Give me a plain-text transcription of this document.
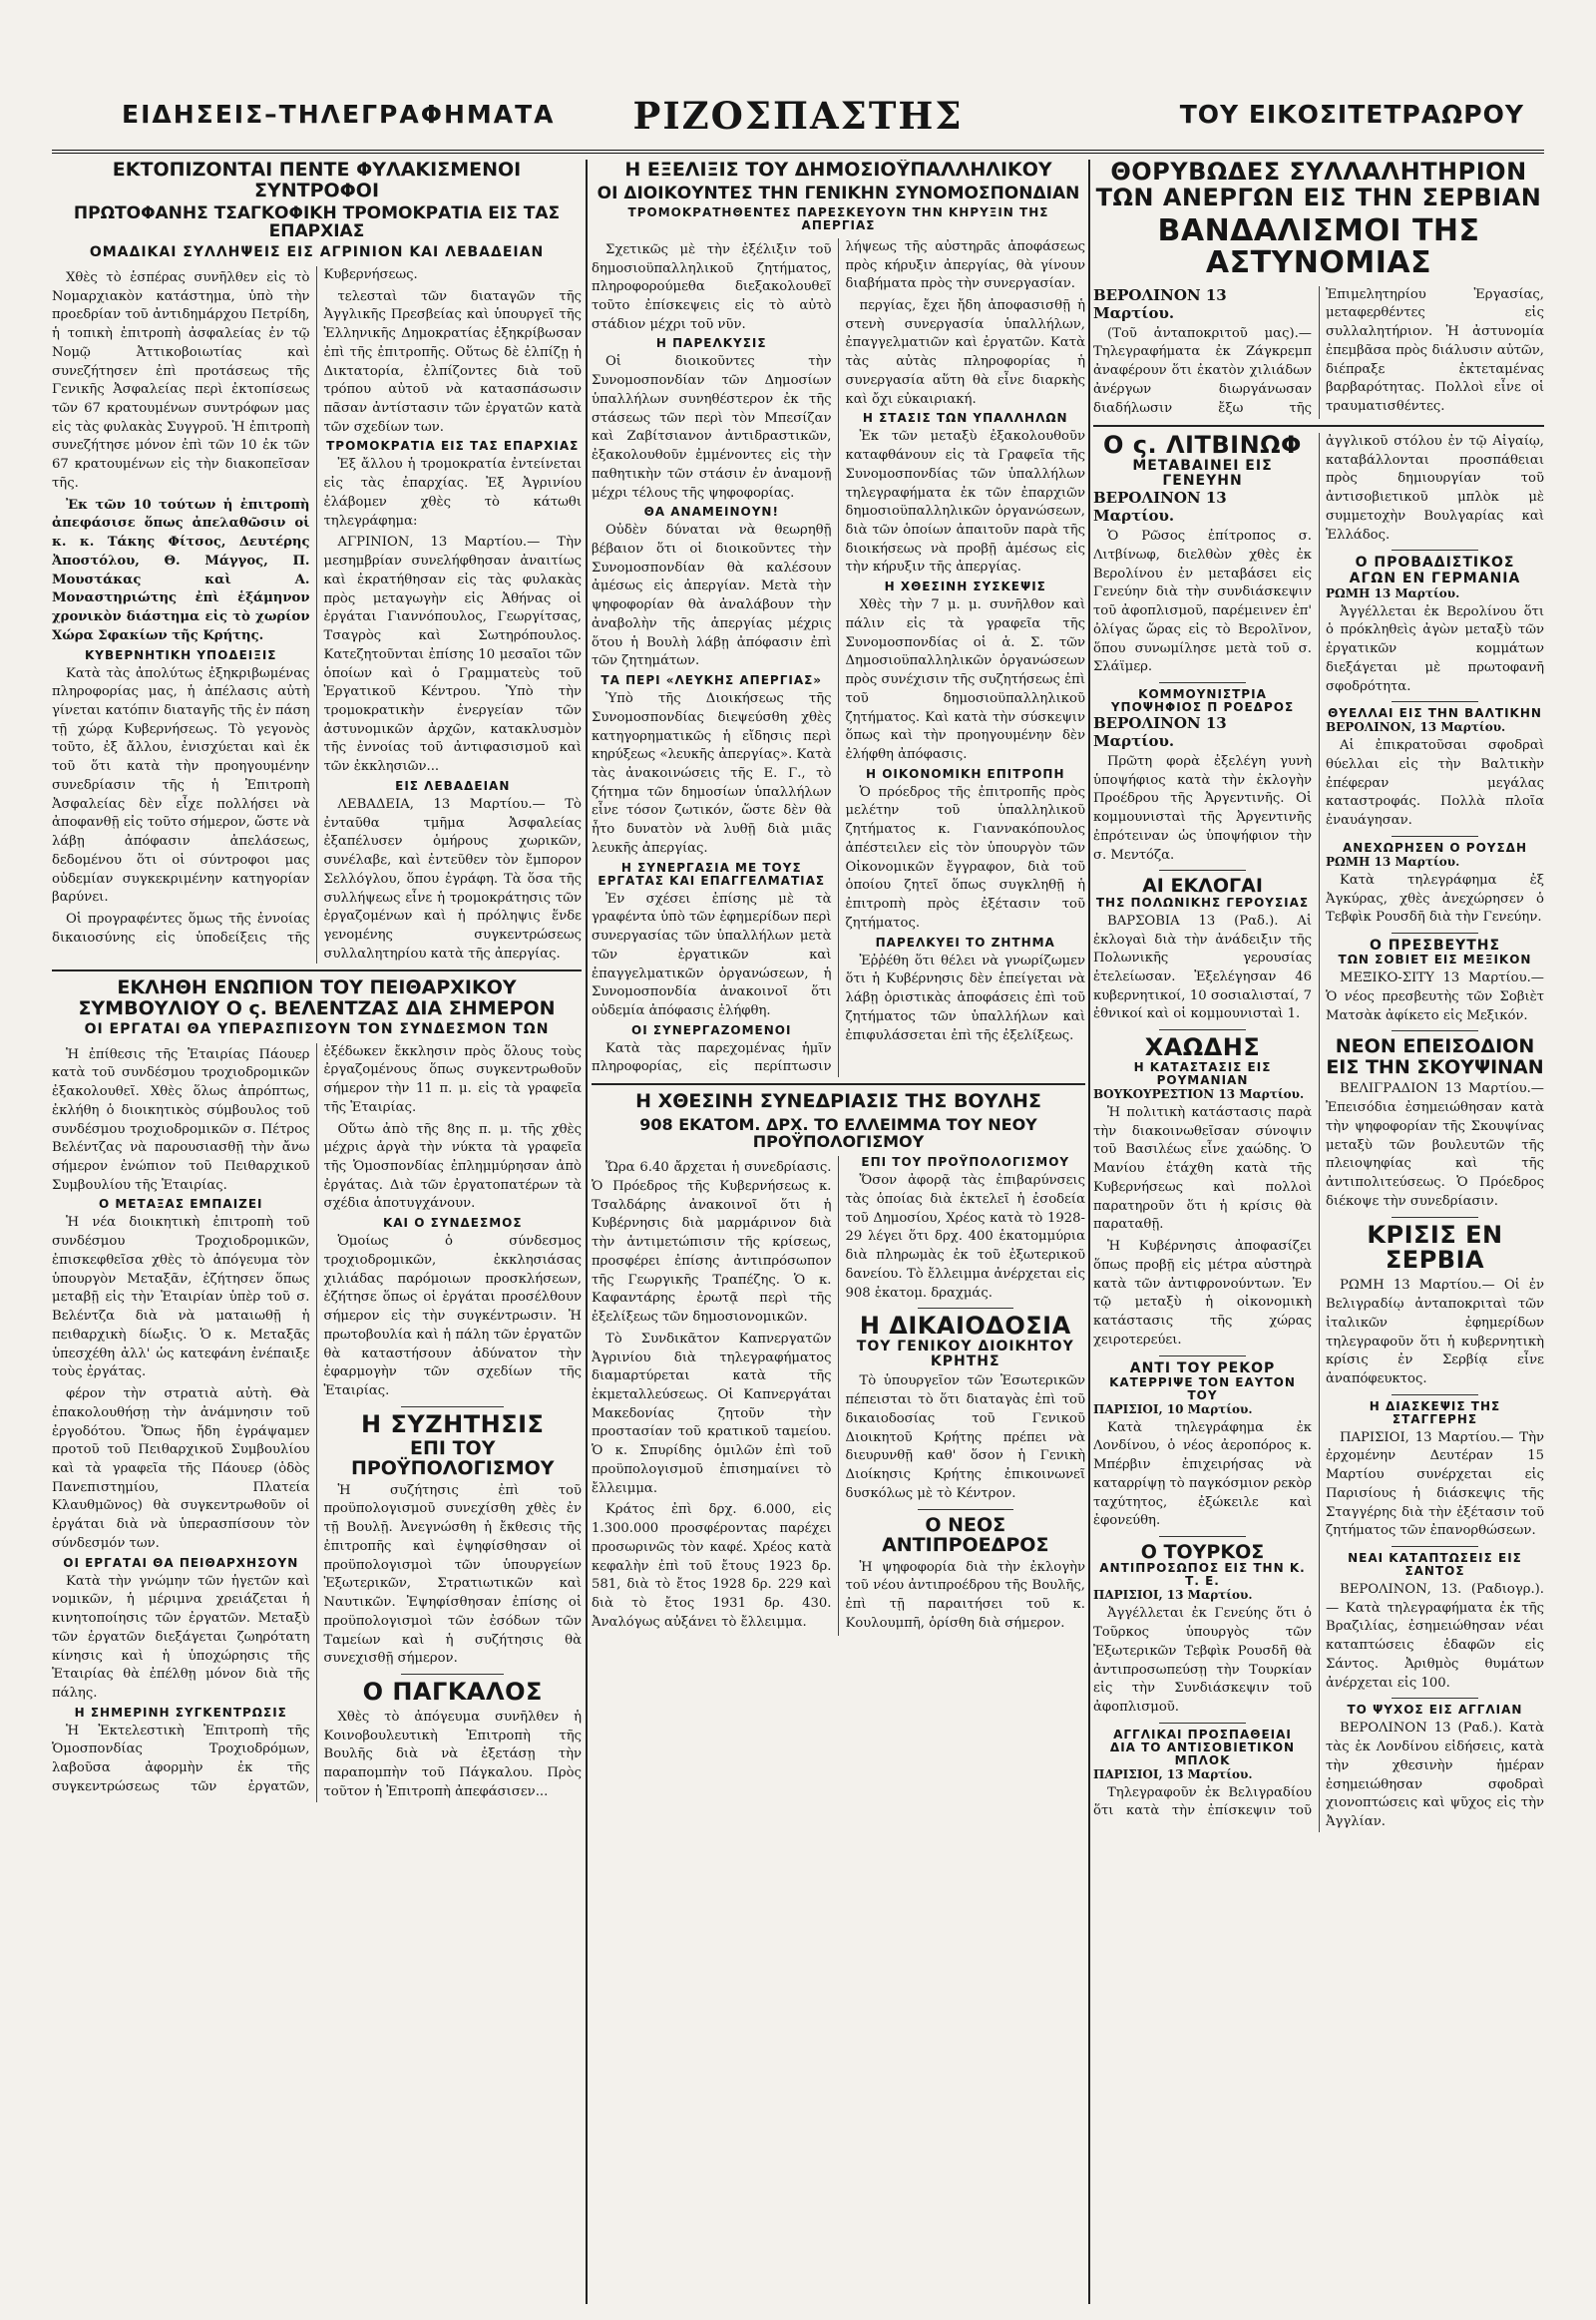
ΕΙΔΗΣΕΙΣ–ΤΗΛΕΓΡΑΦΗΜΑΤΑ	ΡΙΖΟΣΠΑΣΤΗΣ	ΤΟΥ ΕΙΚΟΣΙΤΕΤΡΑΩΡΟΥ
ΕΚΤΟΠΙΖΟΝΤΑΙ ΠΕΝΤΕ ΦΥΛΑΚΙΣΜΕΝΟΙ ΣΥΝΤΡΟΦΟΙ
ΠΡΩΤΟΦΑΝΗΣ ΤΣΑΓΚΟΦΙΚΗ ΤΡΟΜΟΚΡΑΤΙΑ ΕΙΣ ΤΑΣ ΕΠΑΡΧΙΑΣ
ΟΜΑΔΙΚΑΙ ΣΥΛΛΗΨΕΙΣ ΕΙΣ ΑΓΡΙΝΙΟΝ ΚΑΙ ΛΕΒΑΔΕΙΑΝ

Χθὲς τὸ ἑσπέρας συνῆλθεν εἰς τὸ Νομαρχιακὸν κατάστημα, ὑπὸ τὴν προεδρίαν τοῦ ἀντιδημάρχου Πετρίδη, ἡ τοπικὴ ἐπιτροπὴ ἀσφαλείας ἐν τῷ Νομῷ Ἀττικοβοιωτίας καὶ συνεζήτησεν ἐπὶ προτάσεως τῆς Γενικῆς Ἀσφαλείας περὶ ἐκτοπίσεως τῶν 67 κρατουμένων συντρόφων μας εἰς τὰς φυλακὰς Συγγροῦ. Ἡ ἐπιτροπὴ συνεζήτησε μόνον ἐπὶ τῶν 10 ἐκ τῶν 67 κρατουμένων εἰς τὴν διακοπεῖσαν τῆς.

Ἐκ τῶν 10 τούτων ἡ ἐπιτροπὴ ἀπεφάσισε ὅπως ἀπελαθῶσιν οἱ κ. κ. Τάκης Φίτσος, Δευτέρης Ἀποστόλου, Θ. Μάγγος, Π. Μουστάκας καὶ Α. Μοναστηριώτης ἐπὶ ἑξάμηνον χρονικὸν διάστημα εἰς τὸ χωρίον Χώρα Σφακίων τῆς Κρήτης.

ΚΥΒΕΡΝΗΤΙΚΗ ΥΠΟΔΕΙΞΙΣ

Κατὰ τὰς ἀπολύτως ἐξηκριβωμένας πληροφορίας μας, ἡ ἀπέλασις αὐτὴ γίνεται κατόπιν διαταγῆς τῆς ἐν πάση τῇ χώρᾳ Κυβερνήσεως. Τὸ γεγονὸς τοῦτο, ἐξ ἄλλου, ἐνισχύεται καὶ ἐκ τοῦ ὅτι κατὰ τὴν προηγουμένην συνεδρίασιν τῆς ἡ Ἐπιτροπὴ Ἀσφαλείας δὲν εἶχε πολλήσει νὰ ἀποφανθῇ εἰς τοῦτο σήμερον, ὥστε νὰ λάβῃ ἀπόφασιν ἀπελάσεως, δεδομένου ὅτι οἱ σύντροφοι μας οὐδεμίαν συγκεκριμένην κατηγορίαν βαρύνει.

Οἱ προγραφέντες ὅμως τῆς ἐννοίας δικαιοσύνης εἰς ὑποδείξεις τῆς Κυβερνήσεως.

τελεσταὶ τῶν διαταγῶν τῆς Ἀγγλικῆς Πρεσβείας καὶ ὑπουργεῖ τῆς Ἑλληνικῆς Δημοκρατίας ἐξηκρίβωσαν ἐπὶ τῆς ἐπιτροπῆς. Οὕτως δὲ ἐλπίζῃ ἡ Δικτατορία, ἐλπίζοντες διὰ τοῦ τρόπου αὐτοῦ νὰ κατασπάσωσιν πᾶσαν ἀντίστασιν τῶν ἐργατῶν κατὰ τῶν σχεδίων των.

ΤΡΟΜΟΚΡΑΤΙΑ ΕΙΣ ΤΑΣ ΕΠΑΡΧΙΑΣ

Ἐξ ἄλλου ἡ τρομοκρατία ἐντείνεται εἰς τὰς ἐπαρχίας. Ἐξ Ἀγρινίου ἐλάβομεν χθὲς τὸ κάτωθι τηλεγράφημα:

ΑΓΡΙΝΙΟΝ, 13 Μαρτίου.— Τὴν μεσημβρίαν συνελήφθησαν ἀναιτίως καὶ ἐκρατήθησαν εἰς τὰς φυλακὰς πρὸς μεταγωγὴν εἰς Ἀθήνας οἱ ἐργάται Γιαννόπουλος, Γεωργίτσας, Τσαγρὸς καὶ Σωτηρόπουλος. Κατεζητοῦνται ἐπίσης 10 μεσαῖοι τῶν ὁποίων καὶ ὁ Γραμματεὺς τοῦ Ἐργατικοῦ Κέντρου. Ὑπὸ τὴν τρομοκρατικὴν ἐνεργείαν τῶν ἀστυνομικῶν ἀρχῶν, κατακλυσμὸν τῆς ἐννοίας τοῦ ἀντιφασισμοῦ καὶ τῶν ἐκκλησιῶν...

ΕΙΣ ΛΕΒΑΔΕΙΑΝ

ΛΕΒΑΔΕΙΑ, 13 Μαρτίου.— Τὸ ἐνταῦθα τμῆμα Ἀσφαλείας ἐξαπέλυσεν ὁμήρους χωρικῶν, συνέλαβε, καὶ ἐντεῦθεν τὸν ἔμπορον Σελλόγλου, ὅπου ἐγράφη. Τὰ ὅσα τῆς συλλήψεως εἶνε ἡ τρομοκράτησις τῶν ἐργαζομένων καὶ ἡ πρόληψις ἕνδε γενομένης συγκεντρώσεως συλλαλητηρίου κατὰ τῆς ἀπεργίας.

ΕΚΛΗΘΗ ΕΝΩΠΙΟΝ ΤΟΥ ΠΕΙΘΑΡΧΙΚΟΥ
ΣΥΜΒΟΥΛΙΟΥ Ο ς. ΒΕΛΕΝΤΖΑΣ ΔΙΑ ΣΗΜΕΡΟΝ
ΟΙ ΕΡΓΑΤΑΙ ΘΑ ΥΠΕΡΑΣΠΙΣΟΥΝ ΤΟΝ ΣΥΝΔΕΣΜΟΝ ΤΩΝ

Ἡ ἐπίθεσις τῆς Ἑταιρίας Πάουερ κατὰ τοῦ συνδέσμου τροχιοδρομικῶν ἐξακολουθεῖ. Χθὲς ὅλως ἀπρόπτως, ἐκλήθη ὁ διοικητικὸς σύμβουλος τοῦ συνδέσμου τροχιοδρομικῶν σ. Πέτρος Βελέντζας νὰ παρουσιασθῇ τὴν ἄνω σήμερον ἐνώπιον τοῦ Πειθαρχικοῦ Συμβουλίου τῆς Ἑταιρίας.

Ο ΜΕΤΑΞΑΣ ΕΜΠΑΙΖΕΙ

Ἡ νέα διοικητικὴ ἐπιτροπὴ τοῦ συνδέσμου Τροχιοδρομικῶν, ἐπισκεφθεῖσα χθὲς τὸ ἀπόγευμα τὸν ὑπουργὸν Μεταξᾶν, ἐζήτησεν ὅπως μεταβῇ εἰς τὴν Ἑταιρίαν ὑπὲρ τοῦ σ. Βελέντζα διὰ νὰ ματαιωθῇ ἡ πειθαρχικὴ δίωξις. Ὁ κ. Μεταξᾶς ὑπεσχέθη ἀλλ' ὡς κατεφάνη ἐνέπαιξε τοὺς ἐργάτας.

φέρον τὴν στρατιὰ αὐτὴ. Θὰ ἐπακολουθήσῃ τὴν ἀνάμνησιν τοῦ ἐργοδότου. Ὅπως ἤδη ἐγράψαμεν προτοῦ τοῦ Πειθαρχικοῦ Συμβουλίου καὶ τὰ γραφεῖα τῆς Πάουερ (ὁδὸς Πανεπιστημίου, Πλατεία Κλαυθμῶνος) θὰ συγκεντρωθοῦν οἱ ἐργάται διὰ νὰ ὑπερασπίσουν τὸν σύνδεσμόν των.

ΟΙ ΕΡΓΑΤΑΙ ΘΑ ΠΕΙΘΑΡΧΗΣΟΥΝ

Κατὰ τὴν γνώμην τῶν ἡγετῶν καὶ νομικῶν, ἡ μέριμνα χρειάζεται ἡ κινητοποίησις τῶν ἐργατῶν. Μεταξὺ τῶν ἐργατῶν διεξάγεται ζωηρότατη κίνησις καὶ ἡ ὑποχώρησις τῆς Ἑταιρίας θὰ ἐπέλθῃ μόνον διὰ τῆς πάλης.

Η ΣΗΜΕΡΙΝΗ ΣΥΓΚΕΝΤΡΩΣΙΣ

Ἡ Ἐκτελεστικὴ Ἐπιτροπὴ τῆς Ὁμοσπονδίας Τροχιοδρόμων, λαβοῦσα ἀφορμὴν ἐκ τῆς συγκεντρώσεως τῶν ἐργατῶν, ἐξέδωκεν ἔκκλησιν πρὸς ὅλους τοὺς ἐργαζομένους ὅπως συγκεντρωθοῦν σήμερον τὴν 11 π. μ. εἰς τὰ γραφεῖα τῆς Ἑταιρίας.

Οὕτω ἀπὸ τῆς 8ης π. μ. τῆς χθὲς μέχρις ἀργὰ τὴν νύκτα τὰ γραφεῖα τῆς Ὁμοσπονδίας ἐπλημμύρησαν ἀπὸ ἐργάτας. Διὰ τῶν ἐργατοπατέρων τὰ σχέδια ἀποτυγχάνουν.

ΚΑΙ Ο ΣΥΝΔΕΣΜΟΣ

Ὁμοίως ὁ σύνδεσμος τροχιοδρομικῶν, ἐκκλησιάσας χιλιάδας παρόμοιων προσκλήσεων, ἐζήτησε ὅπως οἱ ἐργάται προσέλθουν σήμερον εἰς τὴν συγκέντρωσιν. Ἡ πρωτοβουλία καὶ ἡ πάλη τῶν ἐργατῶν θὰ καταστήσουν ἀδύνατον τὴν ἐφαρμογὴν τῶν σχεδίων τῆς Ἑταιρίας.

Η ΣΥΖΗΤΗΣΙΣ
ΕΠΙ ΤΟΥ ΠΡΟΫΠΟΛΟΓΙΣΜΟΥ

Ἡ συζήτησις ἐπὶ τοῦ προϋπολογισμοῦ συνεχίσθη χθὲς ἐν τῇ Βουλῇ. Ἀνεγνώσθη ἡ ἔκθεσις τῆς ἐπιτροπῆς καὶ ἐψηφίσθησαν οἱ προϋπολογισμοὶ τῶν ὑπουργείων Ἐξωτερικῶν, Στρατιωτικῶν καὶ Ναυτικῶν. Ἐψηφίσθησαν ἐπίσης οἱ προϋπολογισμοὶ τῶν ἐσόδων τῶν Ταμείων καὶ ἡ συζήτησις θὰ συνεχισθῇ σήμερον.

Ο ΠΑΓΚΑΛΟΣ

Χθὲς τὸ ἀπόγευμα συνῆλθεν ἡ Κοινοβουλευτικὴ Ἐπιτροπὴ τῆς Βουλῆς διὰ νὰ ἐξετάσῃ τὴν παραπομπὴν τοῦ Πάγκαλου. Πρὸς τοῦτον ἡ Ἐπιτροπὴ ἀπεφάσισεν...

Η ΕΞΕΛΙΞΙΣ ΤΟΥ ΔΗΜΟΣΙΟΫΠΑΛΛΗΛΙΚΟΥ
ΟΙ ΔΙΟΙΚΟΥΝΤΕΣ ΤΗΝ ΓΕΝΙΚΗΝ ΣΥΝΟΜΟΣΠΟΝΔΙΑΝ
ΤΡΟΜΟΚΡΑΤΗΘΕΝΤΕΣ ΠΑΡΕΣΚΕΥΟΥΝ ΤΗΝ ΚΗΡΥΞΙΝ ΤΗΣ ΑΠΕΡΓΙΑΣ

Σχετικῶς μὲ τὴν ἐξέλιξιν τοῦ δημοσιοϋπαλληλικοῦ ζητήματος, πληροφορούμεθα διεξακολουθεῖ τοῦτο ἐπίσκεψεις εἰς τὸ αὐτὸ στάδιον μέχρι τοῦ νῦν.

Η ΠΑΡΕΛΚΥΣΙΣ

Οἱ διοικοῦντες τὴν Συνομοσπονδίαν τῶν Δημοσίων ὑπαλλήλων συνηθέστερον ἐκ τῆς στάσεως τῶν περὶ τὸν Μπεσίζαν καὶ Ζαβίτσιανον ἀντιδραστικῶν, ἐξακολουθοῦν ἐμμένοντες εἰς τὴν παθητικὴν τῶν στάσιν ἐν ἀναμονῇ μέχρι τέλους τῆς ψηφοφορίας.

ΘΑ ΑΝΑΜΕΙΝΟΥΝ!

Οὐδὲν δύναται νὰ θεωρηθῇ βέβαιον ὅτι οἱ διοικοῦντες τὴν Συνομοσπονδίαν θὰ καλέσουν ἀμέσως εἰς ἀπεργίαν. Μετὰ τὴν ψηφοφορίαν θὰ ἀναλάβουν τὴν ἀναβολὴν τῆς ἀπεργίας μέχρις ὅτου ἡ Βουλὴ λάβῃ ἀπόφασιν ἐπὶ τῶν ζητημάτων.

ΤΑ ΠΕΡΙ «ΛΕΥΚΗΣ ΑΠΕΡΓΙΑΣ»

Ὑπὸ τῆς Διοικήσεως τῆς Συνομοσπονδίας διεψεύσθη χθὲς κατηγορηματικῶς ἡ εἴδησις περὶ κηρύξεως «λευκῆς ἀπεργίας». Κατὰ τὰς ἀνακοινώσεις τῆς Ε. Γ., τὸ ζήτημα τῶν δημοσίων ὑπαλλήλων εἶνε τόσον ζωτικόν, ὥστε δὲν θὰ ἦτο δυνατὸν νὰ λυθῇ διὰ μιᾶς λευκῆς ἀπεργίας.

Η ΣΥΝΕΡΓΑΣΙΑ ΜΕ ΤΟΥΣ ΕΡΓΑΤΑΣ ΚΑΙ ΕΠΑΓΓΕΛΜΑΤΙΑΣ

Ἐν σχέσει ἐπίσης μὲ τὰ γραφέντα ὑπὸ τῶν ἐφημερίδων περὶ συνεργασίας τῶν ὑπαλλήλων μετὰ τῶν ἐργατικῶν καὶ ἐπαγγελματικῶν ὀργανώσεων, ἡ Συνομοσπονδία ἀνακοινοῖ ὅτι οὐδεμία ἀπόφασις ἐλήφθη.

ΟΙ ΣΥΝΕΡΓΑΖΟΜΕΝΟΙ

Κατὰ τὰς παρεχομένας ἡμῖν πληροφορίας, εἰς περίπτωσιν λήψεως τῆς αὐστηρᾶς ἀποφάσεως πρὸς κήρυξιν ἀπεργίας, θὰ γίνουν διαβήματα πρὸς τὴν συνεργασίαν.

περγίας, ἔχει ἤδη ἀποφασισθῇ ἡ στενὴ συνεργασία ὑπαλλήλων, ἐπαγγελματιῶν καὶ ἐργατῶν. Κατὰ τὰς αὐτὰς πληροφορίας ἡ συνεργασία αὕτη θὰ εἶνε διαρκὴς καὶ ὄχι εὐκαιριακή.

Η ΣΤΑΣΙΣ ΤΩΝ ΥΠΑΛΛΗΛΩΝ

Ἐκ τῶν μεταξὺ ἐξακολουθοῦν καταφθάνουν εἰς τὰ Γραφεῖα τῆς Συνομοσπονδίας τῶν ὑπαλλήλων τηλεγραφήματα ἐκ τῶν ἐπαρχιῶν δημοσιοϋπαλληλικῶν ὀργανώσεων, διὰ τῶν ὁποίων ἀπαιτοῦν παρὰ τῆς διοικήσεως νὰ προβῇ ἀμέσως εἰς τὴν κήρυξιν τῆς ἀπεργίας.

Η ΧΘΕΣΙΝΗ ΣΥΣΚΕΨΙΣ

Χθὲς τὴν 7 μ. μ. συνῆλθον καὶ πάλιν εἰς τὰ γραφεῖα τῆς Συνομοσπονδίας οἱ ἀ. Σ. τῶν Δημοσιοϋπαλληλικῶν ὀργανώσεων πρὸς συνέχισιν τῆς συζητήσεως ἐπὶ τοῦ δημοσιοϋπαλληλικοῦ ζητήματος. Καὶ κατὰ τὴν σύσκεψιν ὅπως καὶ τὴν προηγουμένην δὲν ἐλήφθη ἀπόφασις.

Η ΟΙΚΟΝΟΜΙΚΗ ΕΠΙΤΡΟΠΗ

Ὁ πρόεδρος τῆς ἐπιτροπῆς πρὸς μελέτην τοῦ ὑπαλληλικοῦ ζητήματος κ. Γιαννακόπουλος ἀπέστειλεν εἰς τὸν ὑπουργὸν τῶν Οἰκονομικῶν ἔγγραφον, διὰ τοῦ ὁποίου ζητεῖ ὅπως συγκληθῇ ἡ ἐπιτροπὴ πρὸς ἐξέτασιν τοῦ ζητήματος.

ΠΑΡΕΛΚΥΕΙ ΤΟ ΖΗΤΗΜΑ

Ἐῤῥέθη ὅτι θέλει νὰ γνωρίζωμεν ὅτι ἡ Κυβέρνησις δὲν ἐπείγεται νὰ λάβῃ ὁριστικὰς ἀποφάσεις ἐπὶ τοῦ ζητήματος τῶν ὑπαλλήλων καὶ ἐπιφυλάσσεται ἐπὶ τῆς ἐξελίξεως.

Η ΧΘΕΣΙΝΗ ΣΥΝΕΔΡΙΑΣΙΣ ΤΗΣ ΒΟΥΛΗΣ
908 ΕΚΑΤΟΜ. ΔΡΧ. ΤΟ ΕΛΛΕΙΜΜΑ ΤΟΥ ΝΕΟΥ ΠΡΟΫΠΟΛΟΓΙΣΜΟΥ

Ὥρα 6.40 ἄρχεται ἡ συνεδρίασις. Ὁ Πρόεδρος τῆς Κυβερνήσεως κ. Τσαλδάρης ἀνακοινοῖ ὅτι ἡ Κυβέρνησις διὰ μαρμάρινον διὰ τὴν ἀντιμετώπισιν τῆς κρίσεως, προσφέρει ἐπίσης ἀντιπρόσωπον τῆς Γεωργικῆς Τραπέζης. Ὁ κ. Καφαντάρης ἐρωτᾷ περὶ τῆς ἐξελίξεως τῶν δημοσιονομικῶν.

Τὸ Συνδικᾶτον Καπνεργατῶν Ἀγρινίου διὰ τηλεγραφήματος διαμαρτύρεται κατὰ τῆς ἐκμεταλλεύσεως. Οἱ Καπνεργάται Μακεδονίας ζητοῦν τὴν προστασίαν τοῦ κρατικοῦ ταμείου. Ὁ κ. Σπυρίδης ὁμιλῶν ἐπὶ τοῦ προϋπολογισμοῦ ἐπισημαίνει τὸ ἔλλειμμα.

Κράτος ἐπὶ δρχ. 6.000, εἰς 1.300.000 προσφέροντας παρέχει προσωρινῶς τὸν καφέ. Χρέος κατὰ κεφαλὴν ἐπὶ τοῦ ἔτους 1923 δρ. 581, διὰ τὸ ἔτος 1928 δρ. 229 καὶ διὰ τὸ ἔτος 1931 δρ. 430. Ἀναλόγως αὐξάνει τὸ ἔλλειμμα.

ΕΠΙ ΤΟΥ ΠΡΟΫΠΟΛΟΓΙΣΜΟΥ

Ὅσον ἀφορᾷ τὰς ἐπιβαρύνσεις τὰς ὁποίας διὰ ἐκτελεῖ ἡ ἐσοδεία τοῦ Δημοσίου, Χρέος κατὰ τὸ 1928-29 λέγει ὅτι δρχ. 400 ἑκατομμύρια διὰ πληρωμὰς ἐκ τοῦ ἐξωτερικοῦ δανείου. Τὸ ἔλλειμμα ἀνέρχεται εἰς 908 ἑκατομ. δραχμάς.

Η ΔΙΚΑΙΟΔΟΣΙΑ
ΤΟΥ ΓΕΝΙΚΟΥ ΔΙΟΙΚΗΤΟΥ ΚΡΗΤΗΣ

Τὸ ὑπουργεῖον τῶν Ἐσωτερικῶν πέπεισται τὸ ὅτι διαταγὰς ἐπὶ τοῦ δικαιοδοσίας τοῦ Γενικοῦ Διοικητοῦ Κρήτης πρέπει νὰ διευρυνθῇ καθ' ὅσον ἡ Γενικὴ Διοίκησις Κρήτης ἐπικοινωνεῖ δυσκόλως μὲ τὸ Κέντρον.

Ο ΝΕΟΣ ΑΝΤΙΠΡΟΕΔΡΟΣ

Ἡ ψηφοφορία διὰ τὴν ἐκλογὴν τοῦ νέου ἀντιπροέδρου τῆς Βουλῆς, ἐπὶ τῇ παραιτήσει τοῦ κ. Κουλουμπῆ, ὁρίσθη διὰ σήμερον.

ΘΟΡΥΒΩΔΕΣ ΣΥΛΛΑΛΗΤΗΡΙΟΝ
ΤΩΝ ΑΝΕΡΓΩΝ ΕΙΣ ΤΗΝ ΣΕΡΒΙΑΝ
ΒΑΝΔΑΛΙΣΜΟΙ ΤΗΣ ΑΣΤΥΝΟΜΙΑΣ
ΒΕΡΟΛΙΝΟΝ 13 Μαρτίου.

(Τοῦ ἀνταποκριτοῦ μας).— Τηλεγραφήματα ἐκ Ζάγκρεμπ ἀναφέρουν ὅτι ἐκατὸν χιλιάδων ἀνέργων διωργάνωσαν διαδήλωσιν ἔξω τῆς Ἐπιμελητηρίου Ἐργασίας, μεταφερθέντες εἰς συλλαλητήριον. Ἡ ἀστυνομία ἐπεμβᾶσα πρὸς διάλυσιν αὐτῶν, διέπραξε ἐκτεταμένας βαρβαρότητας. Πολλοὶ εἶνε οἱ τραυματισθέντες.

Ο ς. ΛΙΤΒΙΝΩΦ
ΜΕΤΑΒΑΙΝΕΙ ΕΙΣ ΓΕΝΕΥΗΝ
ΒΕΡΟΛΙΝΟΝ 13 Μαρτίου.

Ὁ Ρῶσος ἐπίτροπος σ. Λιτβίνωφ, διελθὼν χθὲς ἐκ Βερολίνου ἐν μεταβάσει εἰς Γενεύην διὰ τὴν συνδιάσκεψιν τοῦ ἀφοπλισμοῦ, παρέμεινεν ἐπ' ὀλίγας ὥρας εἰς τὸ Βερολῖνον, ὅπου συνωμίλησε μετὰ τοῦ σ. Σλάϊμερ.

ΚΟΜΜΟΥΝΙΣΤΡΙΑ
ΥΠΟΨΗΦΙΟΣ Π ΡΟΕΔΡΟΣ
ΒΕΡΟΛΙΝΟΝ 13 Μαρτίου.

Πρῶτη φορὰ ἐξελέγη γυνὴ ὑποψήφιος κατὰ τὴν ἐκλογὴν Προέδρου τῆς Ἀργεντινῆς. Οἱ κομμουνισταὶ τῆς Ἀργεντινῆς ἐπρότειναν ὡς ὑποψήφιον τὴν σ. Μεντόζα.

ΑΙ ΕΚΛΟΓΑΙ
ΤΗΣ ΠΟΛΩΝΙΚΗΣ ΓΕΡΟΥΣΙΑΣ

ΒΑΡΣΟΒΙΑ 13 (Ραδ.). Αἱ ἐκλογαὶ διὰ τὴν ἀνάδειξιν τῆς Πολωνικῆς γερουσίας ἐτελείωσαν. Ἐξελέγησαν 46 κυβερνητικοί, 10 σοσιαλισταί, 7 ἐθνικοί καὶ οἱ κομμουνισταὶ 1.

ΧΑΩΔΗΣ
Η ΚΑΤΑΣΤΑΣΙΣ ΕΙΣ ΡΟΥΜΑΝΙΑΝ
ΒΟΥΚΟΥΡΕΣΤΙΟΝ 13 Μαρτίου.

Ἡ πολιτικὴ κατάστασις παρὰ τὴν διακοινωθεῖσαν σύνοψιν τοῦ Βασιλέως εἶνε χαώδης. Ὁ Μανίου ἐτάχθη κατὰ τῆς Κυβερνήσεως καὶ πολλοὶ παρατηροῦν ὅτι ἡ κρίσις θὰ παραταθῇ.

Ἡ Κυβέρνησις ἀποφασίζει ὅπως προβῇ εἰς μέτρα αὐστηρὰ κατὰ τῶν ἀντιφρονούντων. Ἐν τῷ μεταξὺ ἡ οἰκονομικὴ κατάστασις τῆς χώρας χειροτερεύει.

ΑΝΤΙ ΤΟΥ ΡΕΚΟΡ
ΚΑΤΕΡΡΙΨΕ ΤΟΝ ΕΑΥΤΟΝ ΤΟΥ
ΠΑΡΙΣΙΟΙ, 10 Μαρτίου.

Κατὰ τηλεγράφημα ἐκ Λονδίνου, ὁ νέος ἀεροπόρος κ. Μπέρβιν ἐπιχειρήσας νὰ καταρρίψῃ τὸ παγκόσμιον ρεκὸρ ταχύτητος, ἐξώκειλε καὶ ἐφονεύθη.

Ο ΤΟΥΡΚΟΣ
ΑΝΤΙΠΡΟΣΩΠΟΣ ΕΙΣ ΤΗΝ Κ. Τ. Ε.
ΠΑΡΙΣΙΟΙ, 13 Μαρτίου.

Ἀγγέλλεται ἐκ Γενεύης ὅτι ὁ Τοῦρκος ὑπουργὸς τῶν Ἐξωτερικῶν Τεβφὶκ Ρουσδῆ θὰ ἀντιπροσωπεύσῃ τὴν Τουρκίαν εἰς τὴν Συνδιάσκεψιν τοῦ ἀφοπλισμοῦ.

ΑΓΓΛΙΚΑΙ ΠΡΟΣΠΑΘΕΙΑΙ
ΔΙΑ ΤΟ ΑΝΤΙΣΟΒΙΕΤΙΚΟΝ ΜΠΛΟΚ
ΠΑΡΙΣΙΟΙ, 13 Μαρτίου.

Τηλεγραφοῦν ἐκ Βελιγραδίου ὅτι κατὰ τὴν ἐπίσκεψιν τοῦ ἀγγλικοῦ στόλου ἐν τῷ Αἰγαίῳ, καταβάλλονται προσπάθειαι πρὸς δημιουργίαν τοῦ ἀντισοβιετικοῦ μπλὸκ μὲ συμμετοχὴν Βουλγαρίας καὶ Ἑλλάδος.

Ο ΠΡΟΒΑΔΙΣΤΙΚΟΣ
ΑΓΩΝ ΕΝ ΓΕΡΜΑΝΙΑ
ΡΩΜΗ 13 Μαρτίου.

Ἀγγέλλεται ἐκ Βερολίνου ὅτι ὁ πρόκληθεὶς ἀγὼν μεταξὺ τῶν ἐργατικῶν κομμάτων διεξάγεται μὲ πρωτοφανῆ σφοδρότητα.

ΘΥΕΛΛΑΙ ΕΙΣ ΤΗΝ ΒΑΛΤΙΚΗΝ
ΒΕΡΟΛΙΝΟΝ, 13 Μαρτίου.

Αἱ ἐπικρατοῦσαι σφοδραὶ θύελλαι εἰς τὴν Βαλτικὴν ἐπέφεραν μεγάλας καταστροφάς. Πολλὰ πλοῖα ἐναυάγησαν.

ΑΝΕΧΩΡΗΣΕΝ Ο ΡΟΥΣΔΗ
ΡΩΜΗ 13 Μαρτίου.

Κατὰ τηλεγράφημα ἐξ Ἀγκύρας, χθὲς ἀνεχώρησεν ὁ Τεβφὶκ Ρουσδῆ διὰ τὴν Γενεύην.

Ο ΠΡΕΣΒΕΥΤΗΣ
ΤΩΝ ΣΟΒΙΕΤ ΕΙΣ ΜΕΞΙΚΟΝ

ΜΕΞΙΚΟ-ΣΙΤΥ 13 Μαρτίου.— Ὁ νέος πρεσβευτὴς τῶν Σοβιὲτ Ματσὰκ ἀφίκετο εἰς Μεξικόν.

ΝΕΟΝ ΕΠΕΙΣΟΔΙΟΝ
ΕΙΣ ΤΗΝ ΣΚΟΥΨΙΝΑΝ

ΒΕΛΙΓΡΑΔΙΟΝ 13 Μαρτίου.— Ἐπεισόδια ἐσημειώθησαν κατὰ τὴν ψηφοφορίαν τῆς Σκουψίνας μεταξὺ τῶν βουλευτῶν τῆς πλειοψηφίας καὶ τῆς ἀντιπολιτεύσεως. Ὁ Πρόεδρος διέκοψε τὴν συνεδρίασιν.

ΚΡΙΣΙΣ ΕΝ ΣΕΡΒΙΑ

ΡΩΜΗ 13 Μαρτίου.— Οἱ ἐν Βελιγραδίῳ ἀνταποκριταὶ τῶν ἰταλικῶν ἐφημερίδων τηλεγραφοῦν ὅτι ἡ κυβερνητικὴ κρίσις ἐν Σερβίᾳ εἶνε ἀναπόφευκτος.

Η ΔΙΑΣΚΕΨΙΣ ΤΗΣ ΣΤΑΓΓΕΡΗΣ

ΠΑΡΙΣΙΟΙ, 13 Μαρτίου.— Τὴν ἐρχομένην Δευτέραν 15 Μαρτίου συνέρχεται εἰς Παρισίους ἡ διάσκεψις τῆς Σταγγέρης διὰ τὴν ἐξέτασιν τοῦ ζητήματος τῶν ἐπανορθώσεων.

ΝΕΑΙ ΚΑΤΑΠΤΩΣΕΙΣ ΕΙΣ ΣΑΝΤΟΣ

ΒΕΡΟΛΙΝΟΝ, 13. (Ραδιογρ.).— Κατὰ τηλεγραφήματα ἐκ τῆς Βραζιλίας, ἐσημειώθησαν νέαι καταπτώσεις ἐδαφῶν εἰς Σάντος. Ἀριθμὸς θυμάτων ἀνέρχεται εἰς 100.

ΤΟ ΨΥΧΟΣ ΕΙΣ ΑΓΓΛΙΑΝ

ΒΕΡΟΛΙΝΟΝ 13 (Ραδ.). Κατὰ τὰς ἐκ Λονδίνου εἰδήσεις, κατὰ τὴν χθεσινὴν ἡμέραν ἐσημειώθησαν σφοδραὶ χιονοπτώσεις καὶ ψῦχος εἰς τὴν Ἀγγλίαν.
